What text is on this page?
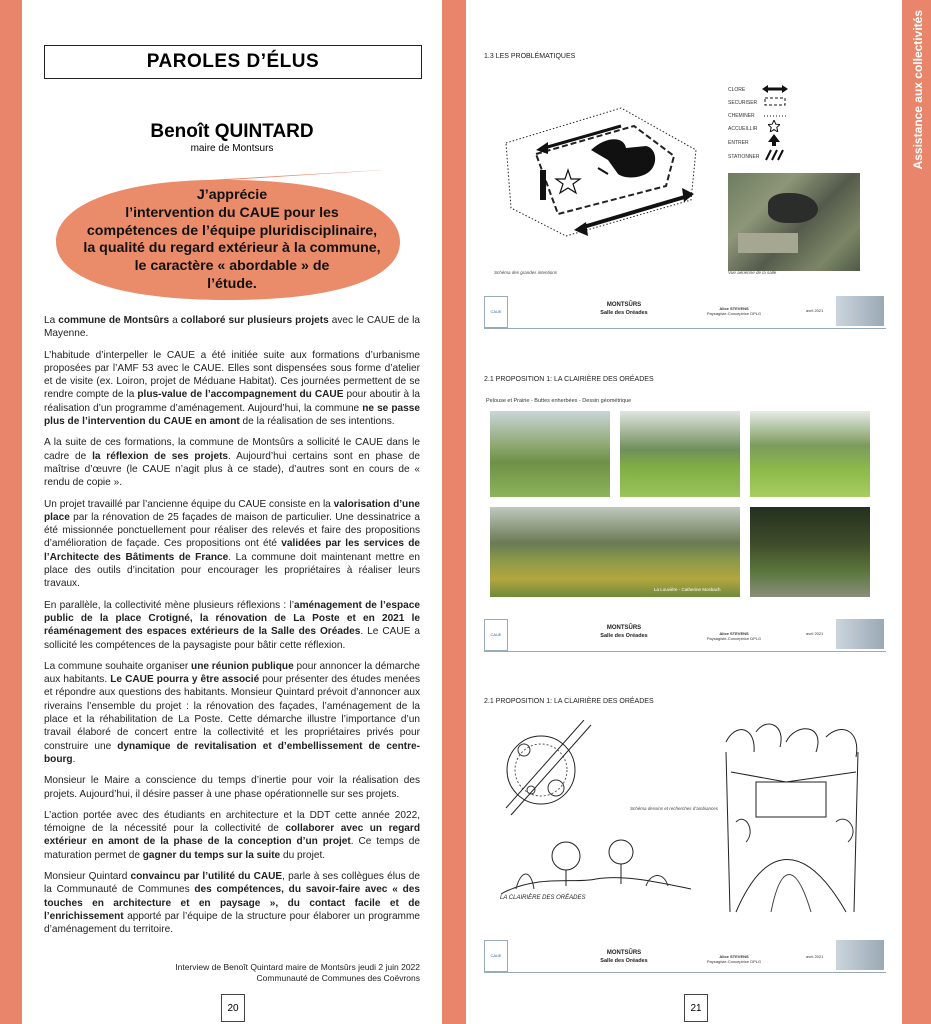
PAROLES D’ÉLUS
Benoît QUINTARD
maire de Montsurs
J’apprécie
l’intervention du CAUE pour les
compétences de l’équipe pluridisciplinaire,
la qualité du regard extérieur à la commune,
le caractère « abordable » de
l’étude.

La commune de Montsûrs a collaboré sur plusieurs projets avec le CAUE de la Mayenne.

L’habitude d’interpeller le CAUE a été initiée suite aux formations d’urbanisme proposées par l’AMF 53 avec le CAUE. Elles sont dispensées sous forme d’atelier et de visite (ex. Loiron, projet de Méduane Habitat). Ces journées permettent de se rendre compte de la plus-value de l’accompagnement du CAUE pour aboutir à la réalisation d’un programme d’aménagement. Aujourd’hui, la commune ne se passe plus de l’intervention du CAUE en amont de la réalisation de ses intentions.

A la suite de ces formations, la commune de Montsûrs a sollicité le CAUE dans le cadre de la réflexion de ses projets. Aujourd’hui certains sont en phase de maîtrise d’œuvre (le CAUE n’agit plus à ce stade), d’autres sont en cours de « rendu de copie ».

Un projet travaillé par l’ancienne équipe du CAUE consiste en la valorisation d’une place par la rénovation de 25 façades de maison de particulier. Une dessinatrice a été missionnée ponctuellement pour réaliser des relevés et faire des propositions d’amélioration de façade. Ces propositions ont été validées par les services de l’Architecte des Bâtiments de France. La commune doit maintenant mettre en place des outils d’incitation pour encourager les propriétaires à réaliser leurs travaux.

En parallèle, la collectivité mène plusieurs réflexions : l’aménagement de l’espace public de la place Crotigné, la rénovation de La Poste et en 2021 le réaménagement des espaces extérieurs de la Salle des Oréades. Le CAUE a sollicité les compétences de la paysagiste pour bâtir cette réflexion.

La commune souhaite organiser une réunion publique pour annoncer la démarche aux habitants. Le CAUE pourra y être associé pour présenter des études menées et répondre aux questions des habitants. Monsieur Quintard prévoit d’annoncer aux riverains l’ensemble du projet : la rénovation des façades, l’aménagement de la place et la réhabilitation de La Poste. Cette démarche illustre l’importance d’un travail élaboré de concert entre la collectivité et les propriétaires privés pour construire une dynamique de revitalisation et d’embellissement de centre-bourg.

Monsieur le Maire a conscience du temps d’inertie pour voir la réalisation des projets. Aujourd’hui, il désire passer à une phase opérationnelle sur ses projets.

L’action portée avec des étudiants en architecture et la DDT cette année 2022, témoigne de la nécessité pour la collectivité de collaborer avec un regard extérieur en amont de la phase de la conception d’un projet. Ce temps de maturation permet de gagner du temps sur la suite du projet.

Monsieur Quintard convaincu par l’utilité du CAUE, parle à ses collègues élus de la Communauté de Communes des compétences, du savoir-faire avec « des touches en architecture et en paysage », du contact facile et de l’enrichissement apporté par l’équipe de la structure pour élaborer un programme d’aménagement du territoire.

Interview de Benoît Quintard maire de Montsûrs jeudi 2 juin 2022
Communauté de Communes des Coëvrons
20
1.3 LES PROBLÉMATIQUES
CLORE
SECURISER
CHEMINER
ACCUEILLIR
ENTRER
STATIONNER
Schéma des grandes intentions	Vue aérienne de la salle
CAUE
MONTSÛRS
Salle des Oréades
Alice STEVENS
Paysagiste-Conceptrice DPLG
avril 2021
2.1 PROPOSITION 1: LA CLAIRIÈRE DES ORÉADES
Pelouse et Prairie - Buttes enherbées - Dessin géométrique
La Louvière - Catherine Mosbach
CAUE
MONTSÛRS
Salle des Oréades	Alice STEVENS
Paysagiste-Conceptrice DPLG
avril 2021
2.1 PROPOSITION 1: LA CLAIRIÈRE DES ORÉADES
Schéma dessins et recherches d’ambiances
LA CLAIRIÈRE DES ORÉADES
CAUE	MONTSÛRS
Salle des Oréades
Alice STEVENS
Paysagiste-Conceptrice DPLG
avril 2021
21
Assistance aux collectivités
